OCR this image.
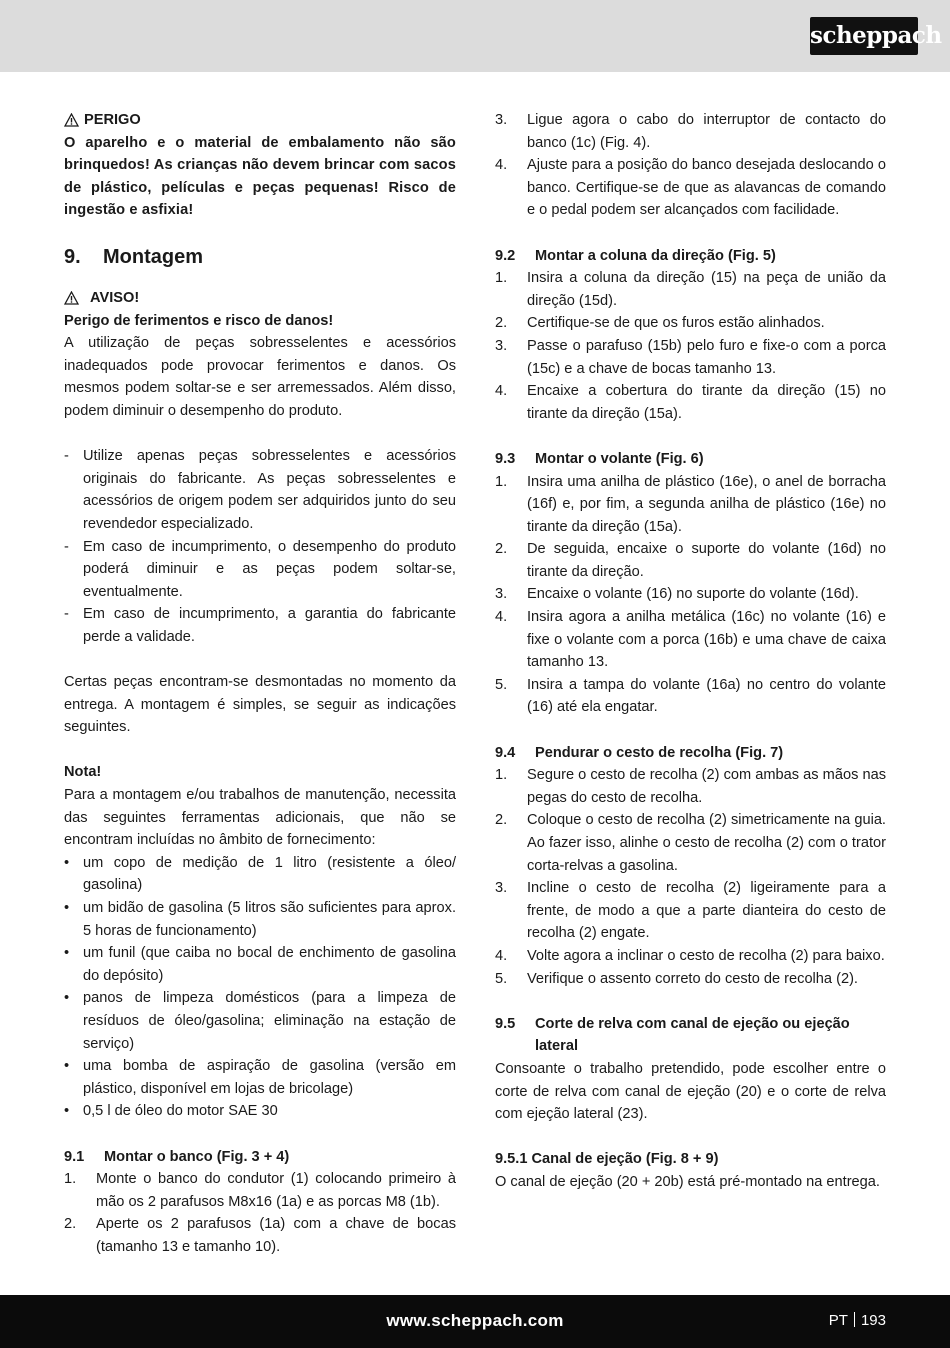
scheppach
PERIGO

O aparelho e o material de embalamento não são brinquedos! As crianças não devem brincar com sacos de plástico, películas e peças pequenas! Risco de ingestão e asfixia!

9. Montagem
AVISO!

Perigo de ferimentos e risco de danos!

A utilização de peças sobresselentes e acessórios inadequados pode provocar ferimentos e danos. Os mesmos podem soltar-se e ser arremessados. Além disso, podem diminuir o desempenho do produto.

- Utilize apenas peças sobresselentes e acessórios originais do fabricante. As peças sobresselentes e acessórios de origem podem ser adquiridos junto do seu revendedor especializado.
- Em caso de incumprimento, o desempenho do produto poderá diminuir e as peças podem soltar-se, eventualmente.
- Em caso de incumprimento, a garantia do fabricante perde a validade.

Certas peças encontram-se desmontadas no momento da entrega. A montagem é simples, se seguir as indicações seguintes.

Nota!

Para a montagem e/ou trabalhos de manutenção, necessita das seguintes ferramentas adicionais, que não se encontram incluídas no âmbito de fornecimento:

• um copo de medição de 1 litro (resistente a óleo/ gasolina)
• um bidão de gasolina (5 litros são suficientes para aprox. 5 horas de funcionamento)
• um funil (que caiba no bocal de enchimento de gasolina do depósito)
• panos de limpeza domésticos (para a limpeza de resíduos de óleo/gasolina; eliminação na estação de serviço)
• uma bomba de aspiração de gasolina (versão em plástico, disponível em lojas de bricolage)
• 0,5 l de óleo do motor SAE 30
9.1	Montar o banco (Fig. 3 + 4)
1.	Monte o banco do condutor (1) colocando primeiro à mão os 2 parafusos M8x16 (1a) e as porcas M8 (1b).
2.	Aperte os 2 parafusos (1a) com a chave de bocas (tamanho 13 e tamanho 10).
3.	Ligue agora o cabo do interruptor de contacto do banco (1c) (Fig. 4).
4.	Ajuste para a posição do banco desejada deslocando o banco. Certifique-se de que as alavancas de comando e o pedal podem ser alcançados com facilidade.
9.2	Montar a coluna da direção (Fig. 5)
1.	Insira a coluna da direção (15) na peça de união da direção (15d).
2.	Certifique-se de que os furos estão alinhados.
3.	Passe o parafuso (15b) pelo furo e fixe-o com a porca (15c) e a chave de bocas tamanho 13.
4.	Encaixe a cobertura do tirante da direção (15) no tirante da direção (15a).
9.3	Montar o volante (Fig. 6)
1.	Insira uma anilha de plástico (16e), o anel de borracha (16f) e, por fim, a segunda anilha de plástico (16e) no tirante da direção (15a).
2.	De seguida, encaixe o suporte do volante (16d) no tirante da direção.
3.	Encaixe o volante (16) no suporte do volante (16d).
4.	Insira agora a anilha metálica (16c) no volante (16) e fixe o volante com a porca (16b) e uma chave de caixa tamanho 13.
5.	Insira a tampa do volante (16a) no centro do volante (16) até ela engatar.
9.4	Pendurar o cesto de recolha (Fig. 7)
1.	Segure o cesto de recolha (2) com ambas as mãos nas pegas do cesto de recolha.
2.	Coloque o cesto de recolha (2) simetricamente na guia. Ao fazer isso, alinhe o cesto de recolha (2) com o trator corta-relvas a gasolina.
3.	Incline o cesto de recolha (2) ligeiramente para a frente, de modo a que a parte dianteira do cesto de recolha (2) engate.
4.	Volte agora a inclinar o cesto de recolha (2) para baixo.
5.	Verifique o assento correto do cesto de recolha (2).
9.5	Corte de relva com canal de ejeção ou ejeção lateral

Consoante o trabalho pretendido, pode escolher entre o corte de relva com canal de ejeção (20) e o corte de relva com ejeção lateral (23).

9.5.1 Canal de ejeção (Fig. 8 + 9)

O canal de ejeção (20 + 20b) está pré-montado na entrega.

www.scheppach.com	PT 193
